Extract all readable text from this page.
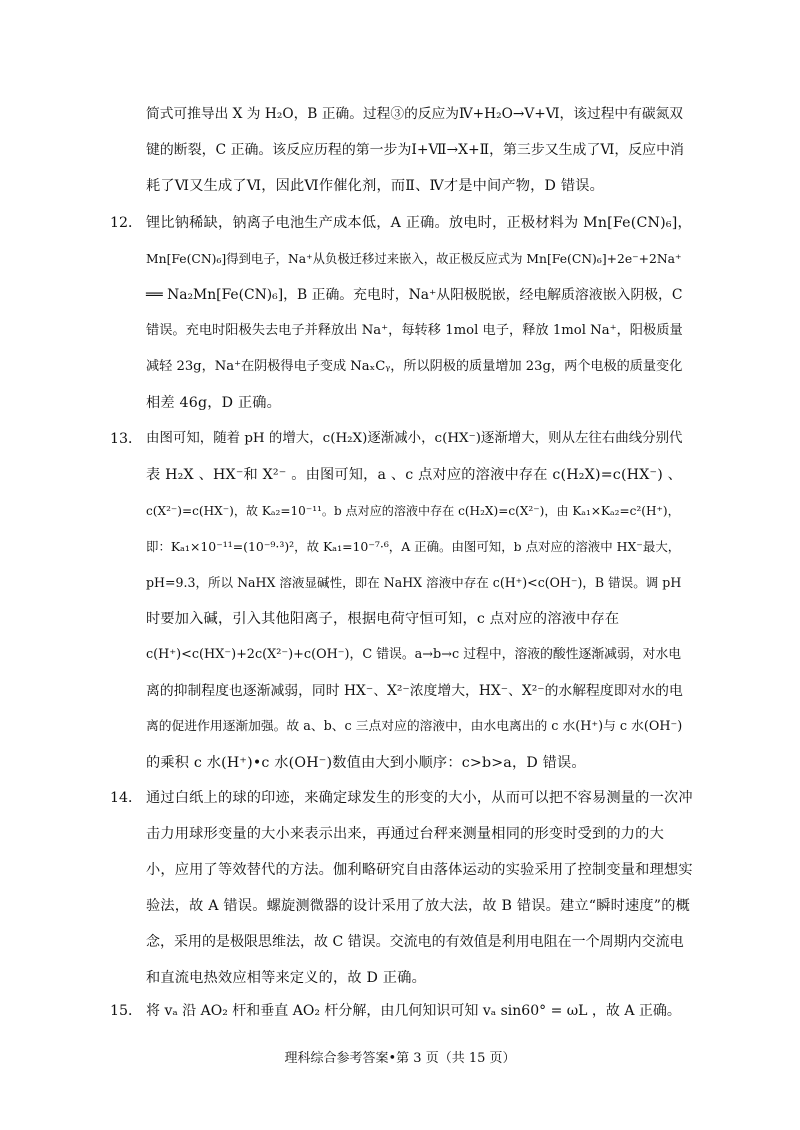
简式可推导出 X 为 H₂O，B 正确。过程③的反应为Ⅳ+H₂O→Ⅴ+Ⅵ，该过程中有碳氮双
键的断裂，C 正确。该反应历程的第一步为Ⅰ+Ⅶ→X+Ⅱ，第三步又生成了Ⅵ，反应中消
耗了Ⅵ又生成了Ⅵ，因此Ⅵ作催化剂，而Ⅱ、Ⅳ才是中间产物，D 错误。
12． 锂比钠稀缺，钠离子电池生产成本低，A 正确。放电时，正极材料为 Mn[Fe(CN)₆]，
Mn[Fe(CN)₆]得到电子，Na⁺从负极迁移过来嵌入，故正极反应式为 Mn[Fe(CN)₆]+2e⁻+2Na⁺
══ Na₂Mn[Fe(CN)₆]，B 正确。充电时，Na⁺从阳极脱嵌，经电解质溶液嵌入阴极，C
错误。充电时阳极失去电子并释放出 Na⁺，每转移 1mol 电子，释放 1mol Na⁺，阳极质量
减轻 23g，Na⁺在阴极得电子变成 NaₓCᵧ，所以阴极的质量增加 23g，两个电极的质量变化
相差 46g，D 正确。
13． 由图可知，随着 pH 的增大，c(H₂X)逐渐减小，c(HX⁻)逐渐增大，则从左往右曲线分别代
表 H₂X 、HX⁻和 X²⁻ 。由图可知，a 、c 点对应的溶液中存在 c(H₂X)=c(HX⁻) 、
c(X²⁻)=c(HX⁻)，故 Kₐ₂=10⁻¹¹。b 点对应的溶液中存在 c(H₂X)=c(X²⁻)，由 Kₐ₁×Kₐ₂=c²(H⁺)，
即：Kₐ₁×10⁻¹¹=(10⁻⁹·³)²，故 Kₐ₁=10⁻⁷·⁶，A 正确。由图可知，b 点对应的溶液中 HX⁻最大，
pH=9.3，所以 NaHX 溶液显碱性，即在 NaHX 溶液中存在 c(H⁺)<c(OH⁻)，B 错误。调 pH
时要加入碱，引入其他阳离子，根据电荷守恒可知，c 点对应的溶液中存在
c(H⁺)<c(HX⁻)+2c(X²⁻)+c(OH⁻)，C 错误。a→b→c 过程中，溶液的酸性逐渐减弱，对水电
离的抑制程度也逐渐减弱，同时 HX⁻、X²⁻浓度增大，HX⁻、X²⁻的水解程度即对水的电
离的促进作用逐渐加强。故 a、b、c 三点对应的溶液中，由水电离出的 c 水(H⁺)与 c 水(OH⁻)
的乘积 c 水(H⁺)•c 水(OH⁻)数值由大到小顺序：c>b>a，D 错误。
14． 通过白纸上的球的印迹，来确定球发生的形变的大小，从而可以把不容易测量的一次冲
击力用球形变量的大小来表示出来，再通过台秤来测量相同的形变时受到的力的大
小，应用了等效替代的方法。伽利略研究自由落体运动的实验采用了控制变量和理想实
验法，故 A 错误。螺旋测微器的设计采用了放大法，故 B 错误。建立“瞬时速度”的概
念，采用的是极限思维法，故 C 错误。交流电的有效值是利用电阻在一个周期内交流电
和直流电热效应相等来定义的，故 D 正确。
15． 将 vₐ 沿 AO₂ 杆和垂直 AO₂ 杆分解，由几何知识可知 vₐ sin60° = ωL ，故 A 正确。
理科综合参考答案•第 3 页（共 15 页）
